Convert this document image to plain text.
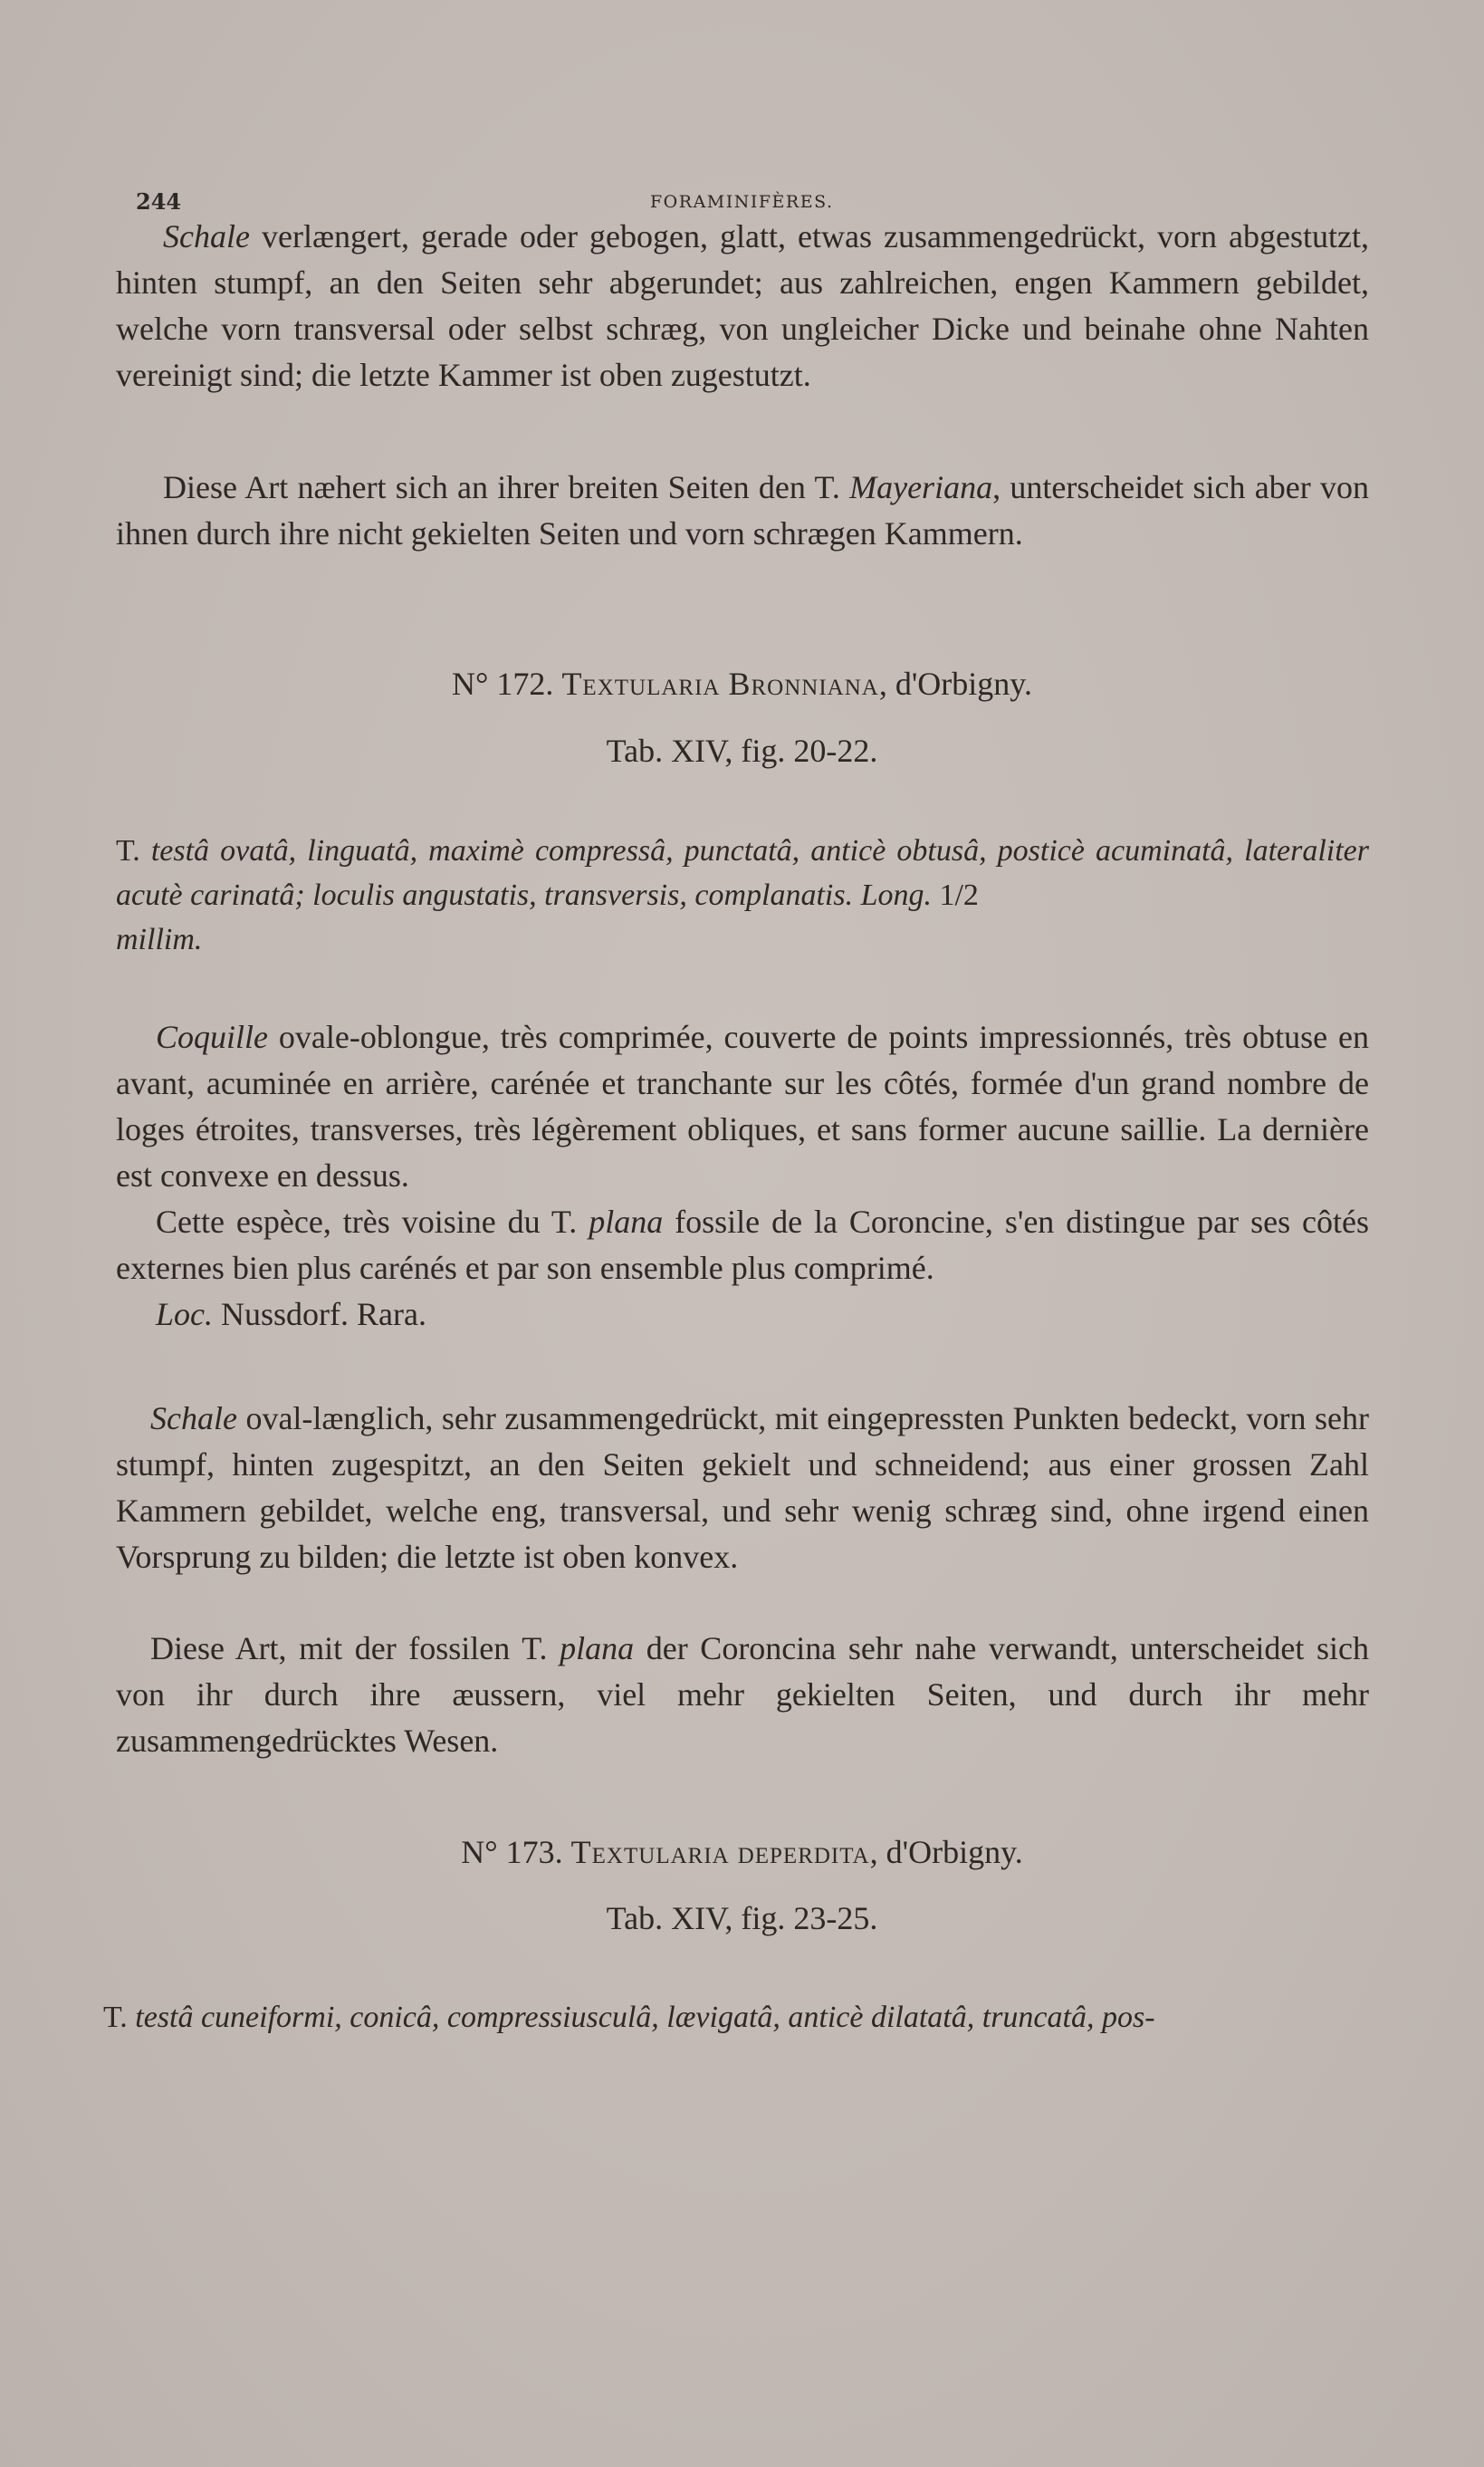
244	FORAMINIFÈRES.

Schale verlængert, gerade oder gebogen, glatt, etwas zusammengedrückt, vorn abgestutzt, hinten stumpf, an den Seiten sehr abgerundet; aus zahlreichen, engen Kammern gebildet, welche vorn transversal oder selbst schræg, von ungleicher Dicke und beinahe ohne Nahten vereinigt sind; die letzte Kammer ist oben zugestutzt.

Diese Art næhert sich an ihrer breiten Seiten den T. Mayeriana, unterscheidet sich aber von ihnen durch ihre nicht gekielten Seiten und vorn schrægen Kammern.

N° 172. Textularia Bronniana, d'Orbigny.
Tab. XIV, fig. 20-22.

T. testâ ovatâ, linguatâ, maximè compressâ, punctatâ, anticè obtusâ, posticè acuminatâ, lateraliter acutè carinatâ; loculis angustatis, transversis, complanatis. Long. 1/2
millim.

Coquille ovale-oblongue, très comprimée, couverte de points impressionnés, très obtuse en avant, acuminée en arrière, carénée et tranchante sur les côtés, formée d'un grand nombre de loges étroites, transverses, très légèrement obliques, et sans former aucune saillie. La dernière est convexe en dessus.

Cette espèce, très voisine du T. plana fossile de la Coroncine, s'en distingue par ses côtés externes bien plus carénés et par son ensemble plus comprimé.

Loc. Nussdorf. Rara.

Schale oval-længlich, sehr zusammengedrückt, mit eingepressten Punkten bedeckt, vorn sehr stumpf, hinten zugespitzt, an den Seiten gekielt und schneidend; aus einer grossen Zahl Kammern gebildet, welche eng, transversal, und sehr wenig schræg sind, ohne irgend einen Vorsprung zu bilden; die letzte ist oben konvex.

Diese Art, mit der fossilen T. plana der Coroncina sehr nahe verwandt, unterscheidet sich von ihr durch ihre æussern, viel mehr gekielten Seiten, und durch ihr mehr zusammengedrücktes Wesen.

N° 173. Textularia deperdita, d'Orbigny.
Tab. XIV, fig. 23-25.

T. testâ cuneiformi, conicâ, compressiusculâ, lævigatâ, anticè dilatatâ, truncatâ, pos-
